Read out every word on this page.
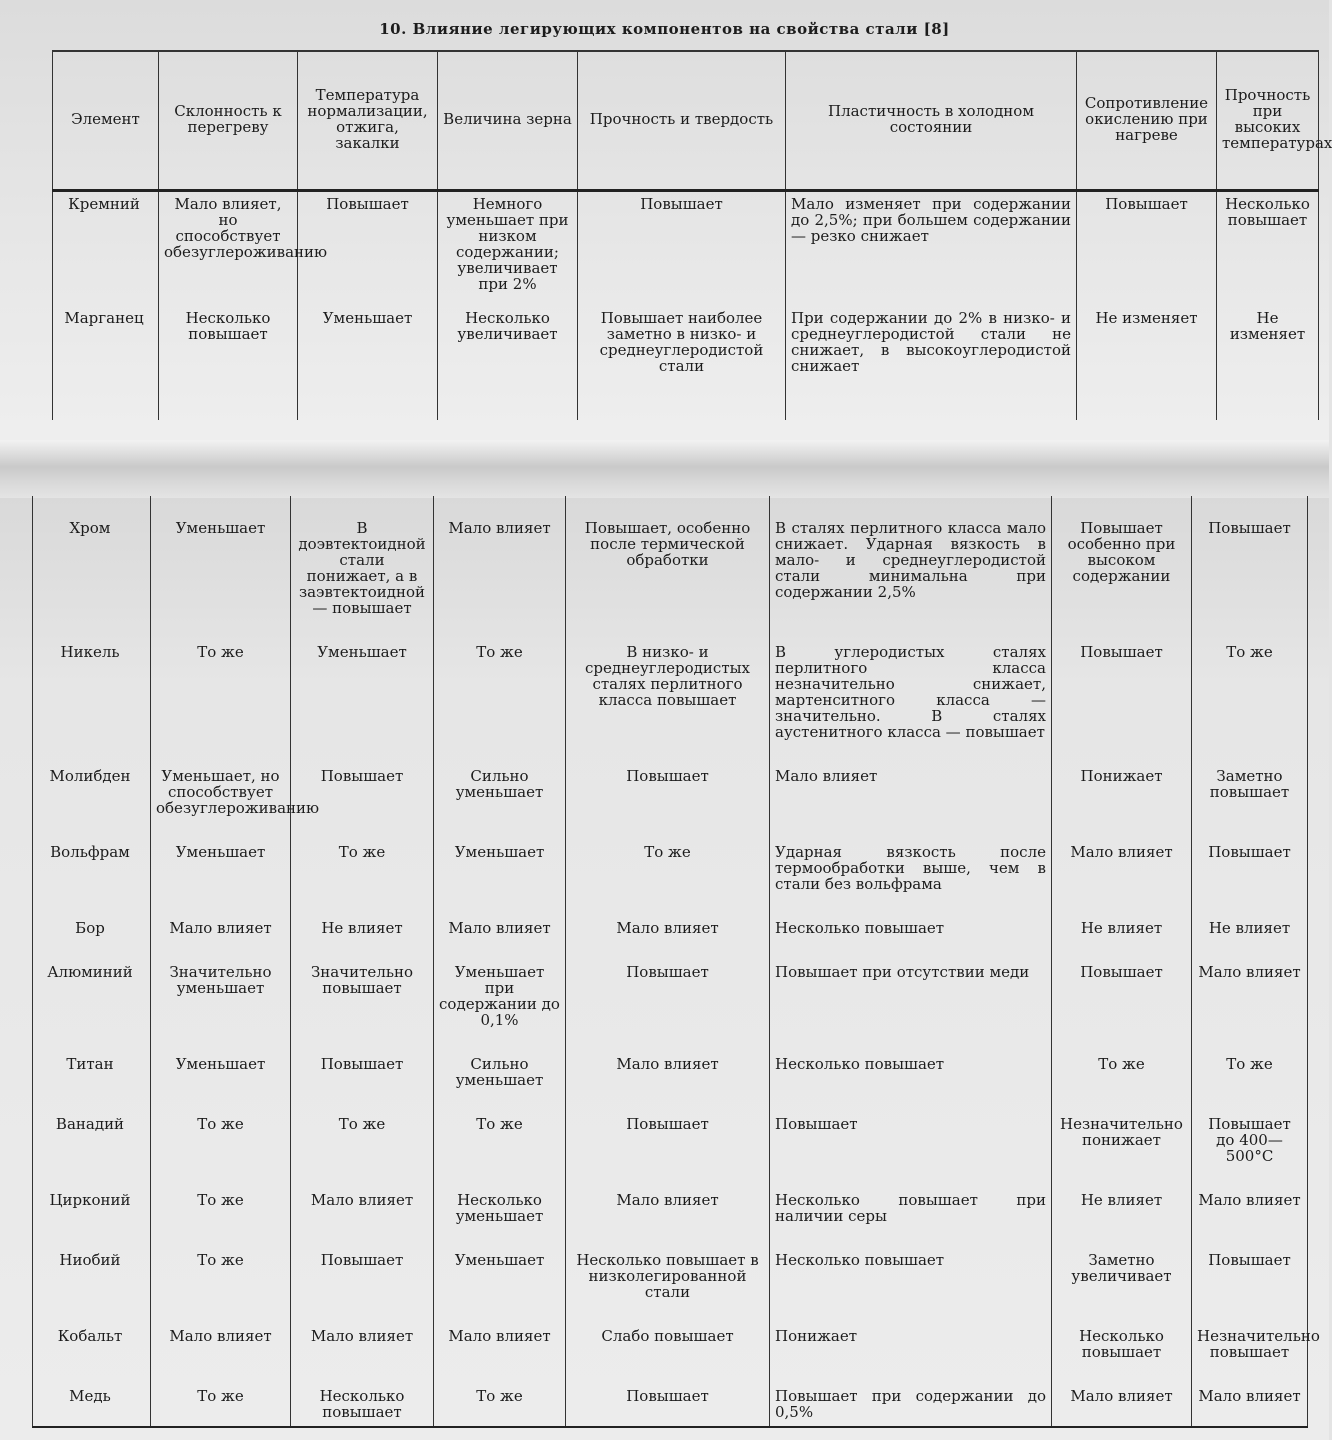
10. Влияние легирующих компонентов на свойства стали [8]
Элемент	Склонность к перегреву	Температура нормализации, отжига, закалки	Величина зерна	Прочность и твердость	Пластичность в холодном состоянии	Сопротивление окислению при нагреве	Прочность при высоких температурах
Кремний	Мало влияет, но способствует обезуглероживанию	Повышает	Немного уменьшает при низком содержании; увеличивает при 2%	Повышает	Мало изменяет при содержании до 2,5%; при большем содержании — резко снижает	Повышает	Несколько повышает
Марганец	Несколько повышает	Уменьшает	Несколько увеличивает	Повышает наиболее заметно в низко- и среднеуглеродистой стали	При содержании до 2% в низко- и среднеуглеродистой стали не снижает, в высокоуглеродистой снижает	Не изменяет	Не изменяет
Хром	Уменьшает	В доэвтектоидной стали понижает, а в заэвтектоидной — повышает	Мало влияет	Повышает, особенно после термической обработки	В сталях перлитного класса мало снижает. Ударная вязкость в мало- и среднеуглеродистой стали минимальна при содержании 2,5%	Повышает особенно при высоком содержании	Повышает
Никель	То же	Уменьшает	То же	В низко- и среднеуглеродистых сталях перлитного класса повышает	В углеродистых сталях перлитного класса незначительно снижает, мартенситного класса — значительно. В сталях аустенитного класса — повышает	Повышает	То же
Молибден	Уменьшает, но способствует обезуглероживанию	Повышает	Сильно уменьшает	Повышает	Мало влияет	Понижает	Заметно повышает
Вольфрам	Уменьшает	То же	Уменьшает	То же	Ударная вязкость после термообработки выше, чем в стали без вольфрама	Мало влияет	Повышает
Бор	Мало влияет	Не влияет	Мало влияет	Мало влияет	Несколько повышает	Не влияет	Не влияет
Алюминий	Значительно уменьшает	Значительно повышает	Уменьшает при содержании до 0,1%	Повышает	Повышает при отсутствии меди	Повышает	Мало влияет
Титан	Уменьшает	Повышает	Сильно уменьшает	Мало влияет	Несколько повышает	То же	То же
Ванадий	То же	То же	То же	Повышает	Повышает	Незначительно понижает	Повышает до 400—500°С
Цирконий	То же	Мало влияет	Несколько уменьшает	Мало влияет	Несколько повышает при наличии серы	Не влияет	Мало влияет
Ниобий	То же	Повышает	Уменьшает	Несколько повышает в низколегированной стали	Несколько повышает	Заметно увеличивает	Повышает
Кобальт	Мало влияет	Мало влияет	Мало влияет	Слабо повышает	Понижает	Несколько повышает	Незначительно повышает
Медь	То же	Несколько повышает	То же	Повышает	Повышает при содержании до 0,5%	Мало влияет	Мало влияет
